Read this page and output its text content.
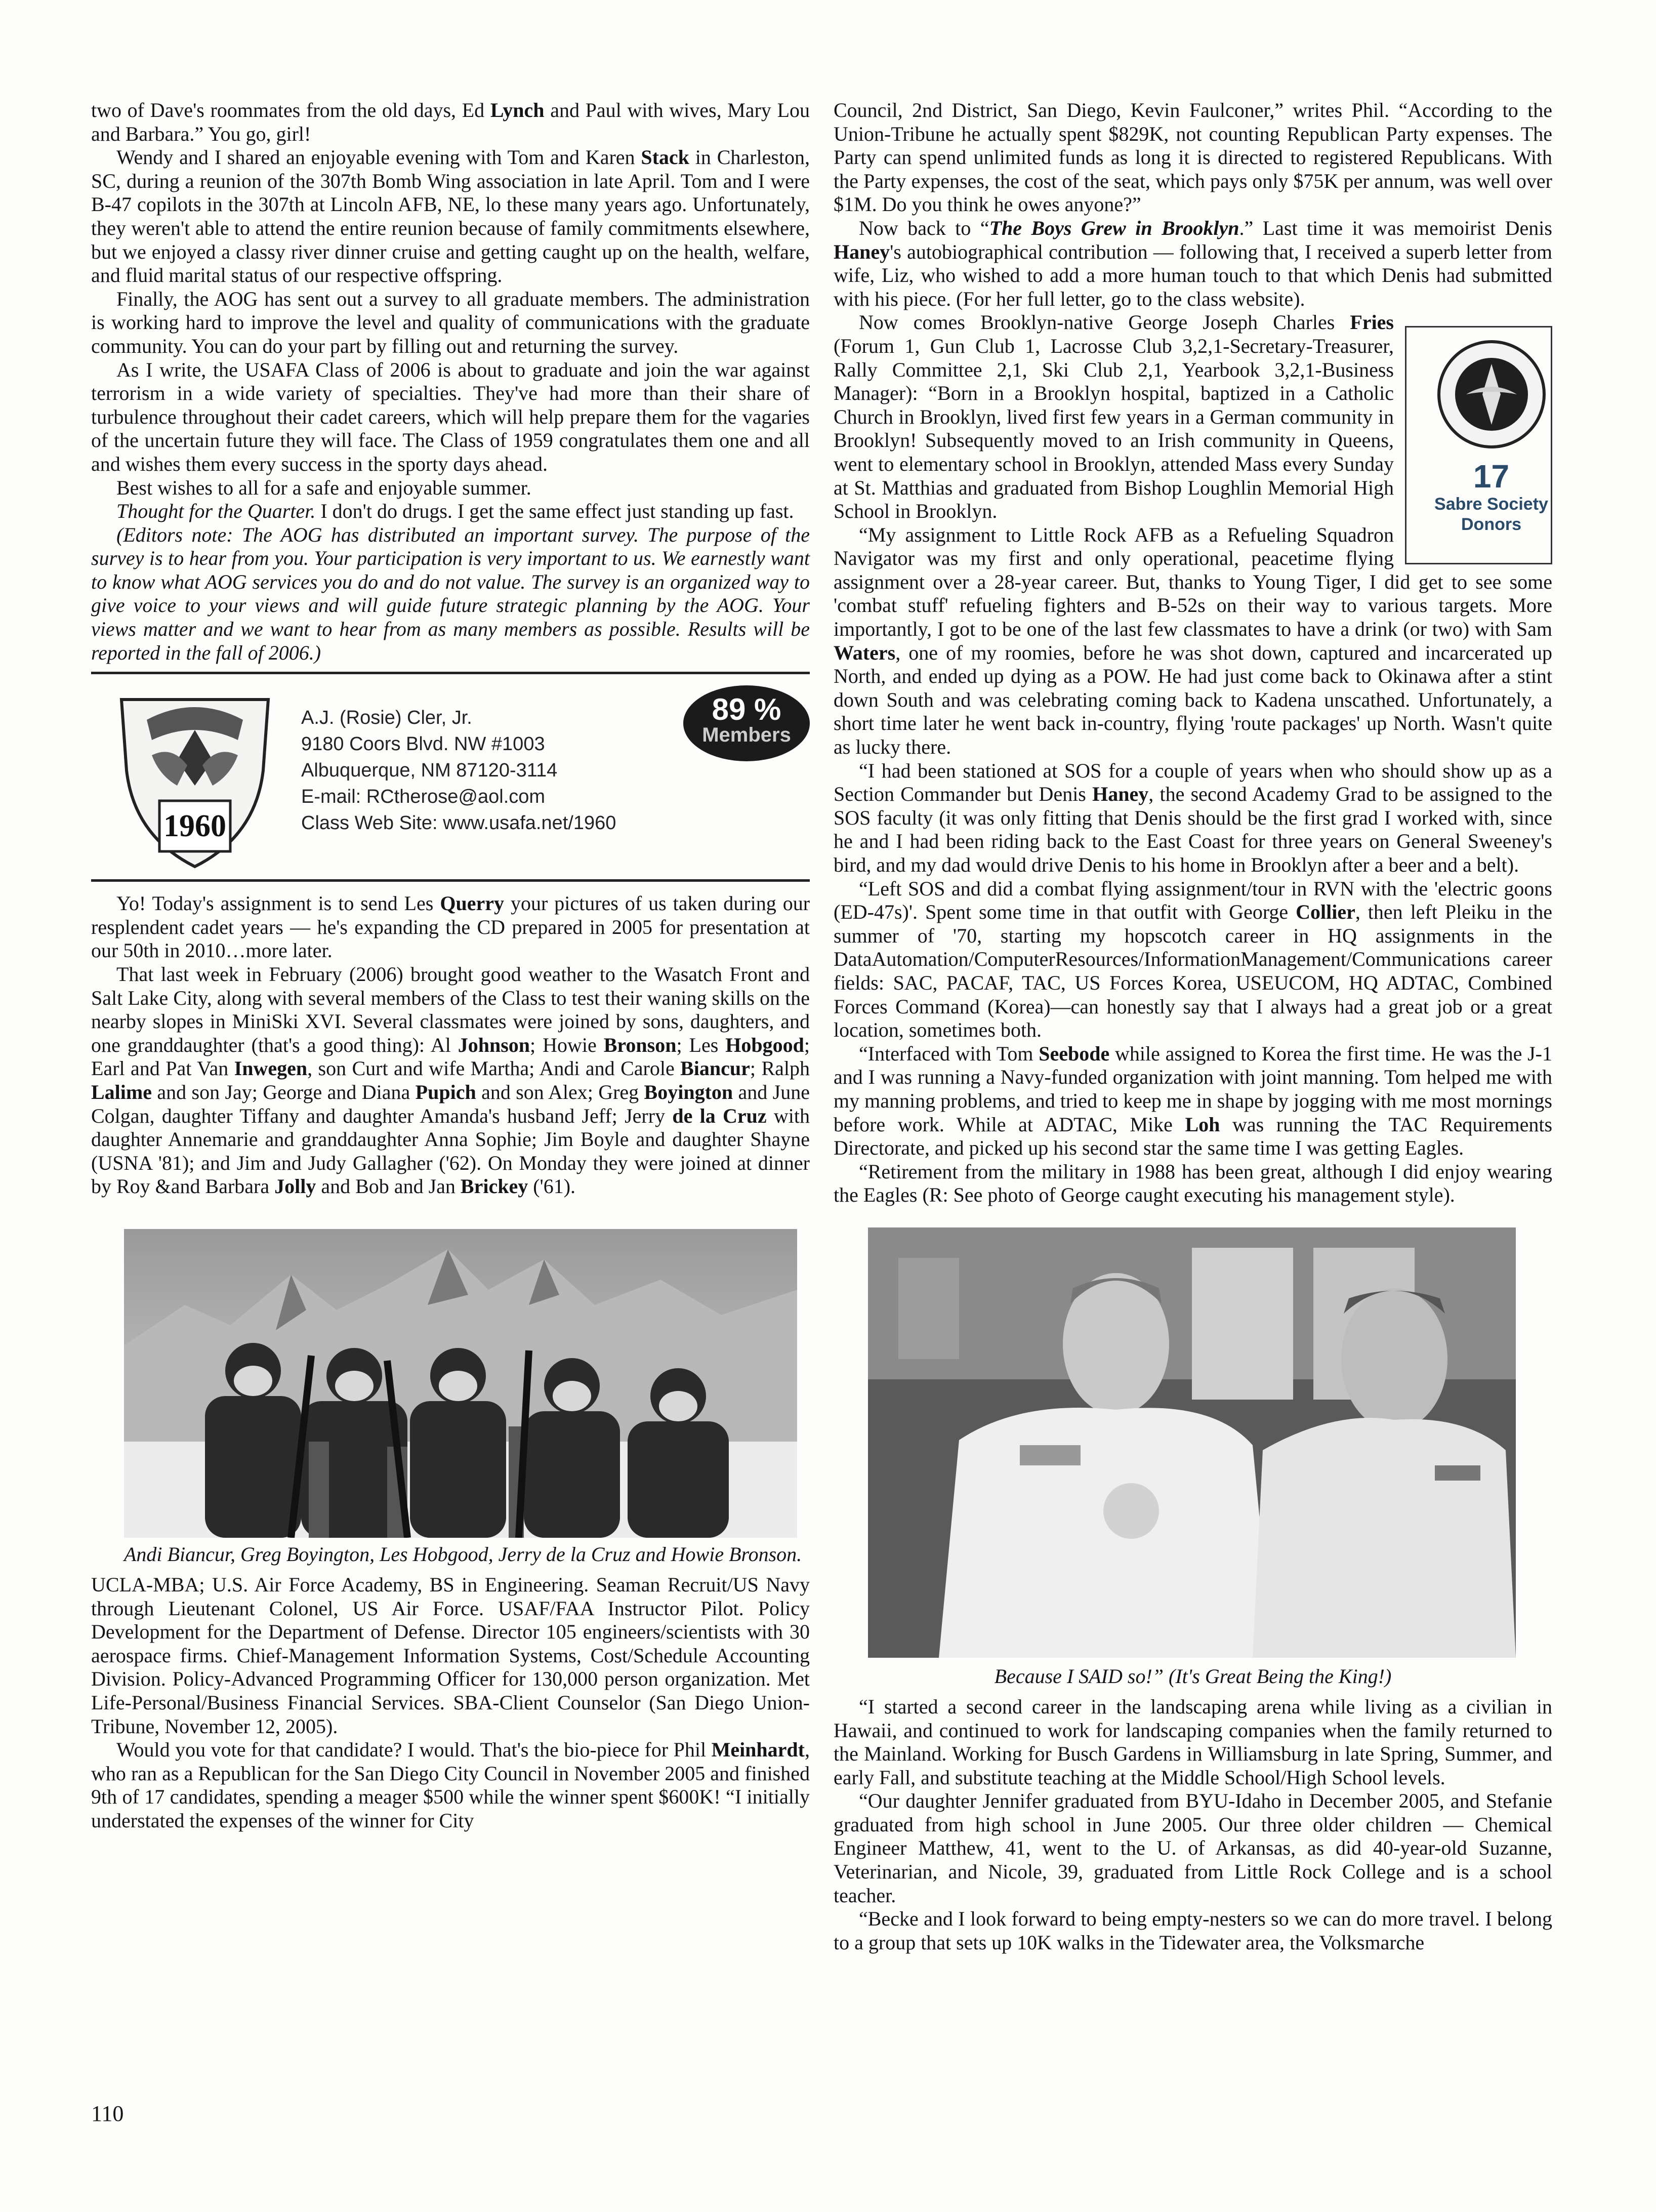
two of Dave's roommates from the old days, Ed Lynch and Paul with wives, Mary Lou and Barbara.” You go, girl!

Wendy and I shared an enjoyable evening with Tom and Karen Stack in Charleston, SC, during a reunion of the 307th Bomb Wing association in late April. Tom and I were B-47 copilots in the 307th at Lincoln AFB, NE, lo these many years ago. Unfortunately, they weren't able to attend the entire reunion because of family commitments elsewhere, but we enjoyed a classy river dinner cruise and getting caught up on the health, welfare, and fluid marital status of our respective offspring.

Finally, the AOG has sent out a survey to all graduate members. The administration is working hard to improve the level and quality of communications with the graduate community. You can do your part by filling out and returning the survey.

As I write, the USAFA Class of 2006 is about to graduate and join the war against terrorism in a wide variety of specialties. They've had more than their share of turbulence throughout their cadet careers, which will help prepare them for the vagaries of the uncertain future they will face. The Class of 1959 congratulates them one and all and wishes them every success in the sporty days ahead.

Best wishes to all for a safe and enjoyable summer.

Thought for the Quarter. I don't do drugs. I get the same effect just standing up fast.

(Editors note: The AOG has distributed an important survey. The purpose of the survey is to hear from you. Your participation is very important to us. We earnestly want to know what AOG services you do and do not value. The survey is an organized way to give voice to your views and will guide future strategic planning by the AOG. Your views matter and we want to hear from as many members as possible. Results will be reported in the fall of 2006.)

1960
A.J. (Rosie) Cler, Jr.
9180 Coors Blvd. NW #1003
Albuquerque, NM 87120-3114
E-mail: RCtherose@aol.com
Class Web Site: www.usafa.net/1960
89 %
Members

Yo! Today's assignment is to send Les Querry your pictures of us taken during our resplendent cadet years — he's expanding the CD prepared in 2005 for presentation at our 50th in 2010…more later.

That last week in February (2006) brought good weather to the Wasatch Front and Salt Lake City, along with several members of the Class to test their waning skills on the nearby slopes in MiniSki XVI. Several classmates were joined by sons, daughters, and one granddaughter (that's a good thing): Al Johnson; Howie Bronson; Les Hobgood; Earl and Pat Van Inwegen, son Curt and wife Martha; Andi and Carole Biancur; Ralph Lalime and son Jay; George and Diana Pupich and son Alex; Greg Boyington and June Colgan, daughter Tiffany and daughter Amanda's husband Jeff; Jerry de la Cruz with daughter Annemarie and granddaughter Anna Sophie; Jim Boyle and daughter Shayne (USNA '81); and Jim and Judy Gallagher ('62). On Monday they were joined at dinner by Roy &and Barbara Jolly and Bob and Jan Brickey ('61).

Andi Biancur, Greg Boyington, Les Hobgood, Jerry de la Cruz and Howie Bronson.

UCLA-MBA; U.S. Air Force Academy, BS in Engineering. Seaman Recruit/US Navy through Lieutenant Colonel, US Air Force. USAF/FAA Instructor Pilot. Policy Development for the Department of Defense. Director 105 engineers/scientists with 30 aerospace firms. Chief-Management Information Systems, Cost/Schedule Accounting Division. Policy-Advanced Programming Officer for 130,000 person organization. Met Life-Personal/Business Financial Services. SBA-Client Counselor (San Diego Union-Tribune, November 12, 2005).

Would you vote for that candidate? I would. That's the bio-piece for Phil Meinhardt, who ran as a Republican for the San Diego City Council in November 2005 and finished 9th of 17 candidates, spending a meager $500 while the winner spent $600K! “I initially understated the expenses of the winner for City

Council, 2nd District, San Diego, Kevin Faulconer,” writes Phil. “According to the Union-Tribune he actually spent $829K, not counting Republican Party expenses. The Party can spend unlimited funds as long it is directed to registered Republicans. With the Party expenses, the cost of the seat, which pays only $75K per annum, was well over $1M. Do you think he owes anyone?”

Now back to “The Boys Grew in Brooklyn.” Last time it was memoirist Denis Haney's autobiographical contribution — following that, I received a superb letter from wife, Liz, who wished to add a more human touch to that which Denis had submitted with his piece. (For her full letter, go to the class website).

17
Sabre Society
Donors
Now comes Brooklyn-native George Joseph Charles Fries (Forum 1, Gun Club 1, Lacrosse Club 3,2,1-Secretary-Treasurer, Rally Committee 2,1, Ski Club 2,1, Yearbook 3,2,1-Business Manager): “Born in a Brooklyn hospital, baptized in a Catholic Church in Brooklyn, lived first few years in a German community in Brooklyn! Subsequently moved to an Irish community in Queens, went to elementary school in Brooklyn, attended Mass every Sunday at St. Matthias and graduated from Bishop Loughlin Memorial High School in Brooklyn.

“My assignment to Little Rock AFB as a Refueling Squadron Navigator was my first and only operational, peacetime flying assignment over a 28-year career. But, thanks to Young Tiger, I did get to see some 'combat stuff' refueling fighters and B-52s on their way to various targets. More importantly, I got to be one of the last few classmates to have a drink (or two) with Sam Waters, one of my roomies, before he was shot down, captured and incarcerated up North, and ended up dying as a POW. He had just come back to Okinawa after a stint down South and was celebrating coming back to Kadena unscathed. Unfortunately, a short time later he went back in-country, flying 'route packages' up North. Wasn't quite as lucky there.

“I had been stationed at SOS for a couple of years when who should show up as a Section Commander but Denis Haney, the second Academy Grad to be assigned to the SOS faculty (it was only fitting that Denis should be the first grad I worked with, since he and I had been riding back to the East Coast for three years on General Sweeney's bird, and my dad would drive Denis to his home in Brooklyn after a beer and a belt).

“Left SOS and did a combat flying assignment/tour in RVN with the 'electric goons (ED-47s)'. Spent some time in that outfit with George Collier, then left Pleiku in the summer of '70, starting my hopscotch career in HQ assignments in the DataAutomation/ComputerResources/InformationManagement/Communications career fields: SAC, PACAF, TAC, US Forces Korea, USEUCOM, HQ ADTAC, Combined Forces Command (Korea)—can honestly say that I always had a great job or a great location, sometimes both.

“Interfaced with Tom Seebode while assigned to Korea the first time. He was the J-1 and I was running a Navy-funded organization with joint manning. Tom helped me with my manning problems, and tried to keep me in shape by jogging with me most mornings before work. While at ADTAC, Mike Loh was running the TAC Requirements Directorate, and picked up his second star the same time I was getting Eagles.

“Retirement from the military in 1988 has been great, although I did enjoy wearing the Eagles (R: See photo of George caught executing his management style).

Because I SAID so!” (It's Great Being the King!)

“I started a second career in the landscaping arena while living as a civilian in Hawaii, and continued to work for landscaping companies when the family returned to the Mainland. Working for Busch Gardens in Williamsburg in late Spring, Summer, and early Fall, and substitute teaching at the Middle School/High School levels.

“Our daughter Jennifer graduated from BYU-Idaho in December 2005, and Stefanie graduated from high school in June 2005. Our three older children — Chemical Engineer Matthew, 41, went to the U. of Arkansas, as did 40-year-old Suzanne, Veterinarian, and Nicole, 39, graduated from Little Rock College and is a school teacher.

“Becke and I look forward to being empty-nesters so we can do more travel. I belong to a group that sets up 10K walks in the Tidewater area, the Volksmarche

110
